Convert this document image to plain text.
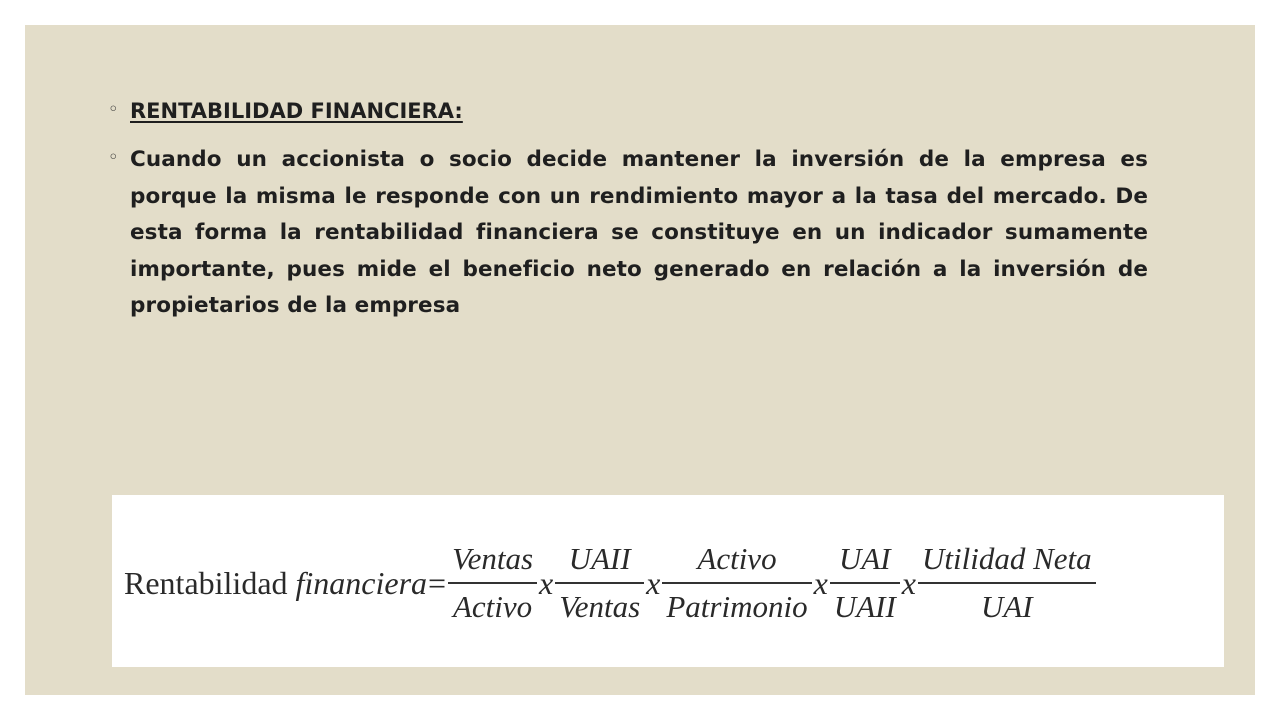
◦ RENTABILIDAD FINANCIERA:
◦ Cuando un accionista o socio decide mantener la inversión de la empresa es porque la misma le responde con un rendimiento mayor a la tasa del mercado. De esta forma la rentabilidad financiera se constituye en un indicador sumamente importante, pues mide el beneficio neto generado en relación a la inversión de propietarios de la empresa
Rentabilidad financiera = $\frac{\text{Ventas}}{\text{Activo}}$ x $\frac{\text{UAII}}{\text{Ventas}}$ x $\frac{\text{Activo}}{\text{Patrimonio}}$ x $\frac{\text{UAI}}{\text{UAII}}$ x $\frac{\text{Utilidad Neta}}{\text{UAI}}$
